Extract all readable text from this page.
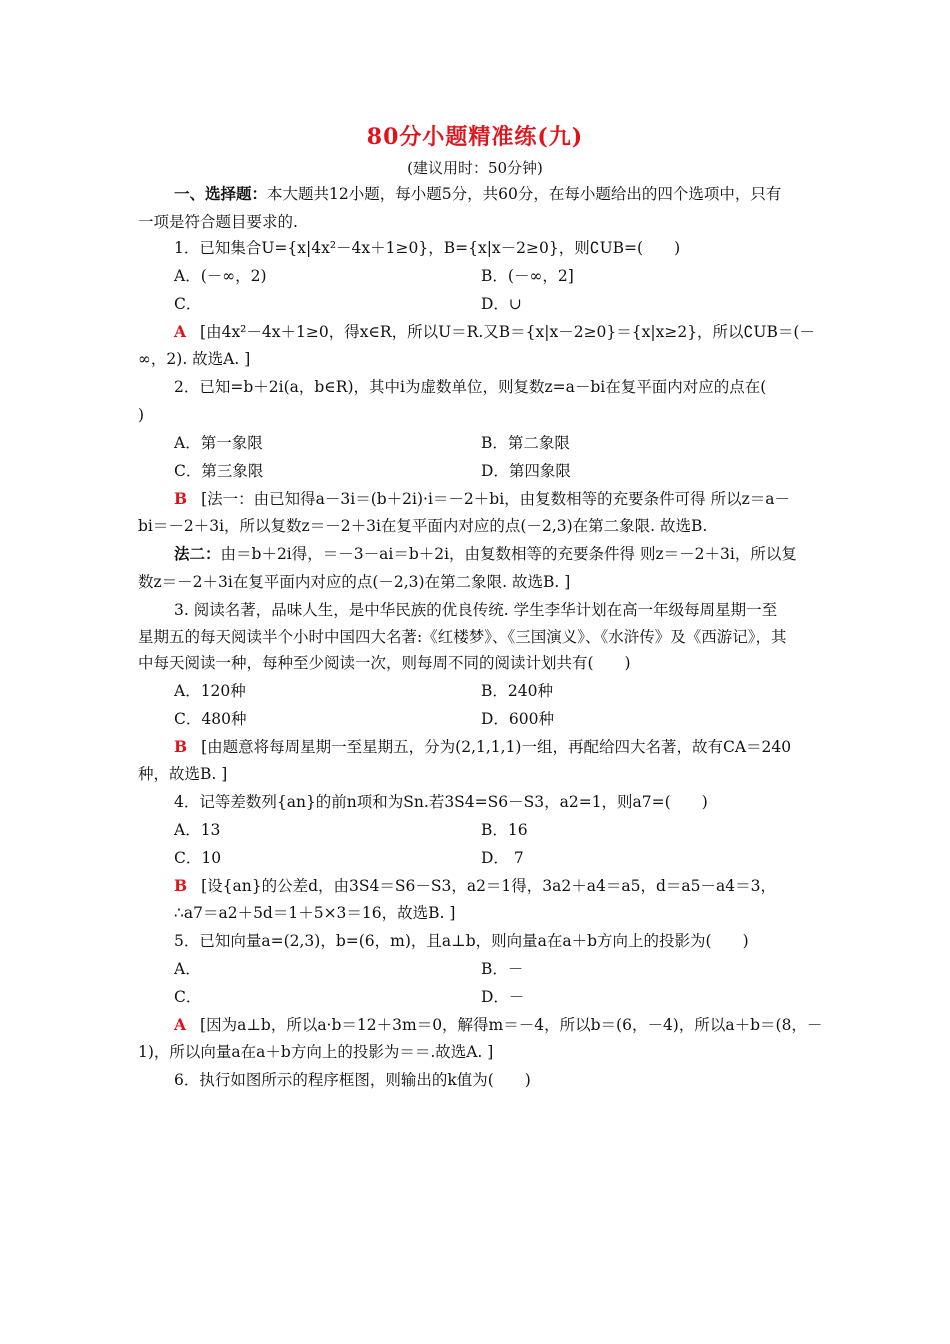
80分小题精准练(九)
(建议用时：50分钟)
一、选择题：本大题共12小题，每小题5分，共60分，在每小题给出的四个选项中，只有
一项是符合题目要求的.
1．已知集合U={x|4x²－4x＋1≥0}，B={x|x－2≥0}，则∁UB=(　　)
A．(－∞，2)	B．(－∞，2]
C．	D．∪
A [由4x²－4x＋1≥0，得x∈R，所以U＝R.又B＝{x|x－2≥0}＝{x|x≥2}，所以∁UB＝(－
∞，2). 故选A. ]
2．已知=b＋2i(a，b∈R)，其中i为虚数单位，则复数z=a－bi在复平面内对应的点在(
)
A．第一象限	B．第二象限
C．第三象限	D．第四象限
B [法一：由已知得a－3i＝(b＋2i)·i＝－2＋bi，由复数相等的充要条件可得 所以z＝a－
bi＝－2＋3i，所以复数z＝－2＋3i在复平面内对应的点(－2,3)在第二象限. 故选B.
法二：由＝b＋2i得，＝－3－ai＝b＋2i，由复数相等的充要条件得 则z＝－2＋3i，所以复
数z＝－2＋3i在复平面内对应的点(－2,3)在第二象限. 故选B. ]
3. 阅读名著，品味人生，是中华民族的优良传统. 学生李华计划在高一年级每周星期一至
星期五的每天阅读半个小时中国四大名著:《红楼梦》、《三国演义》、《水浒传》及《西游记》，其
中每天阅读一种，每种至少阅读一次，则每周不同的阅读计划共有(　　)
A．120种	B．240种
C．480种	D．600种
B [由题意将每周星期一至星期五，分为(2,1,1,1)一组，再配给四大名著，故有CA＝240
种，故选B. ]
4．记等差数列{an}的前n项和为Sn.若3S4=S6－S3，a2=1，则a7=(　　)
A．13	B．16
C．10	D． 7
B [设{an}的公差d，由3S4＝S6－S3，a2＝1得，3a2＋a4＝a5，d＝a5－a4＝3，
∴a7＝a2＋5d＝1＋5×3＝16，故选B. ]
5．已知向量a=(2,3)，b=(6，m)，且a⊥b，则向量a在a＋b方向上的投影为(　　)
A．	B．－
C．	D．－
A [因为a⊥b，所以a·b＝12＋3m＝0，解得m＝－4，所以b＝(6，－4)，所以a＋b＝(8，－
1)，所以向量a在a＋b方向上的投影为＝＝.故选A. ]
6．执行如图所示的程序框图，则输出的k值为(　　)
